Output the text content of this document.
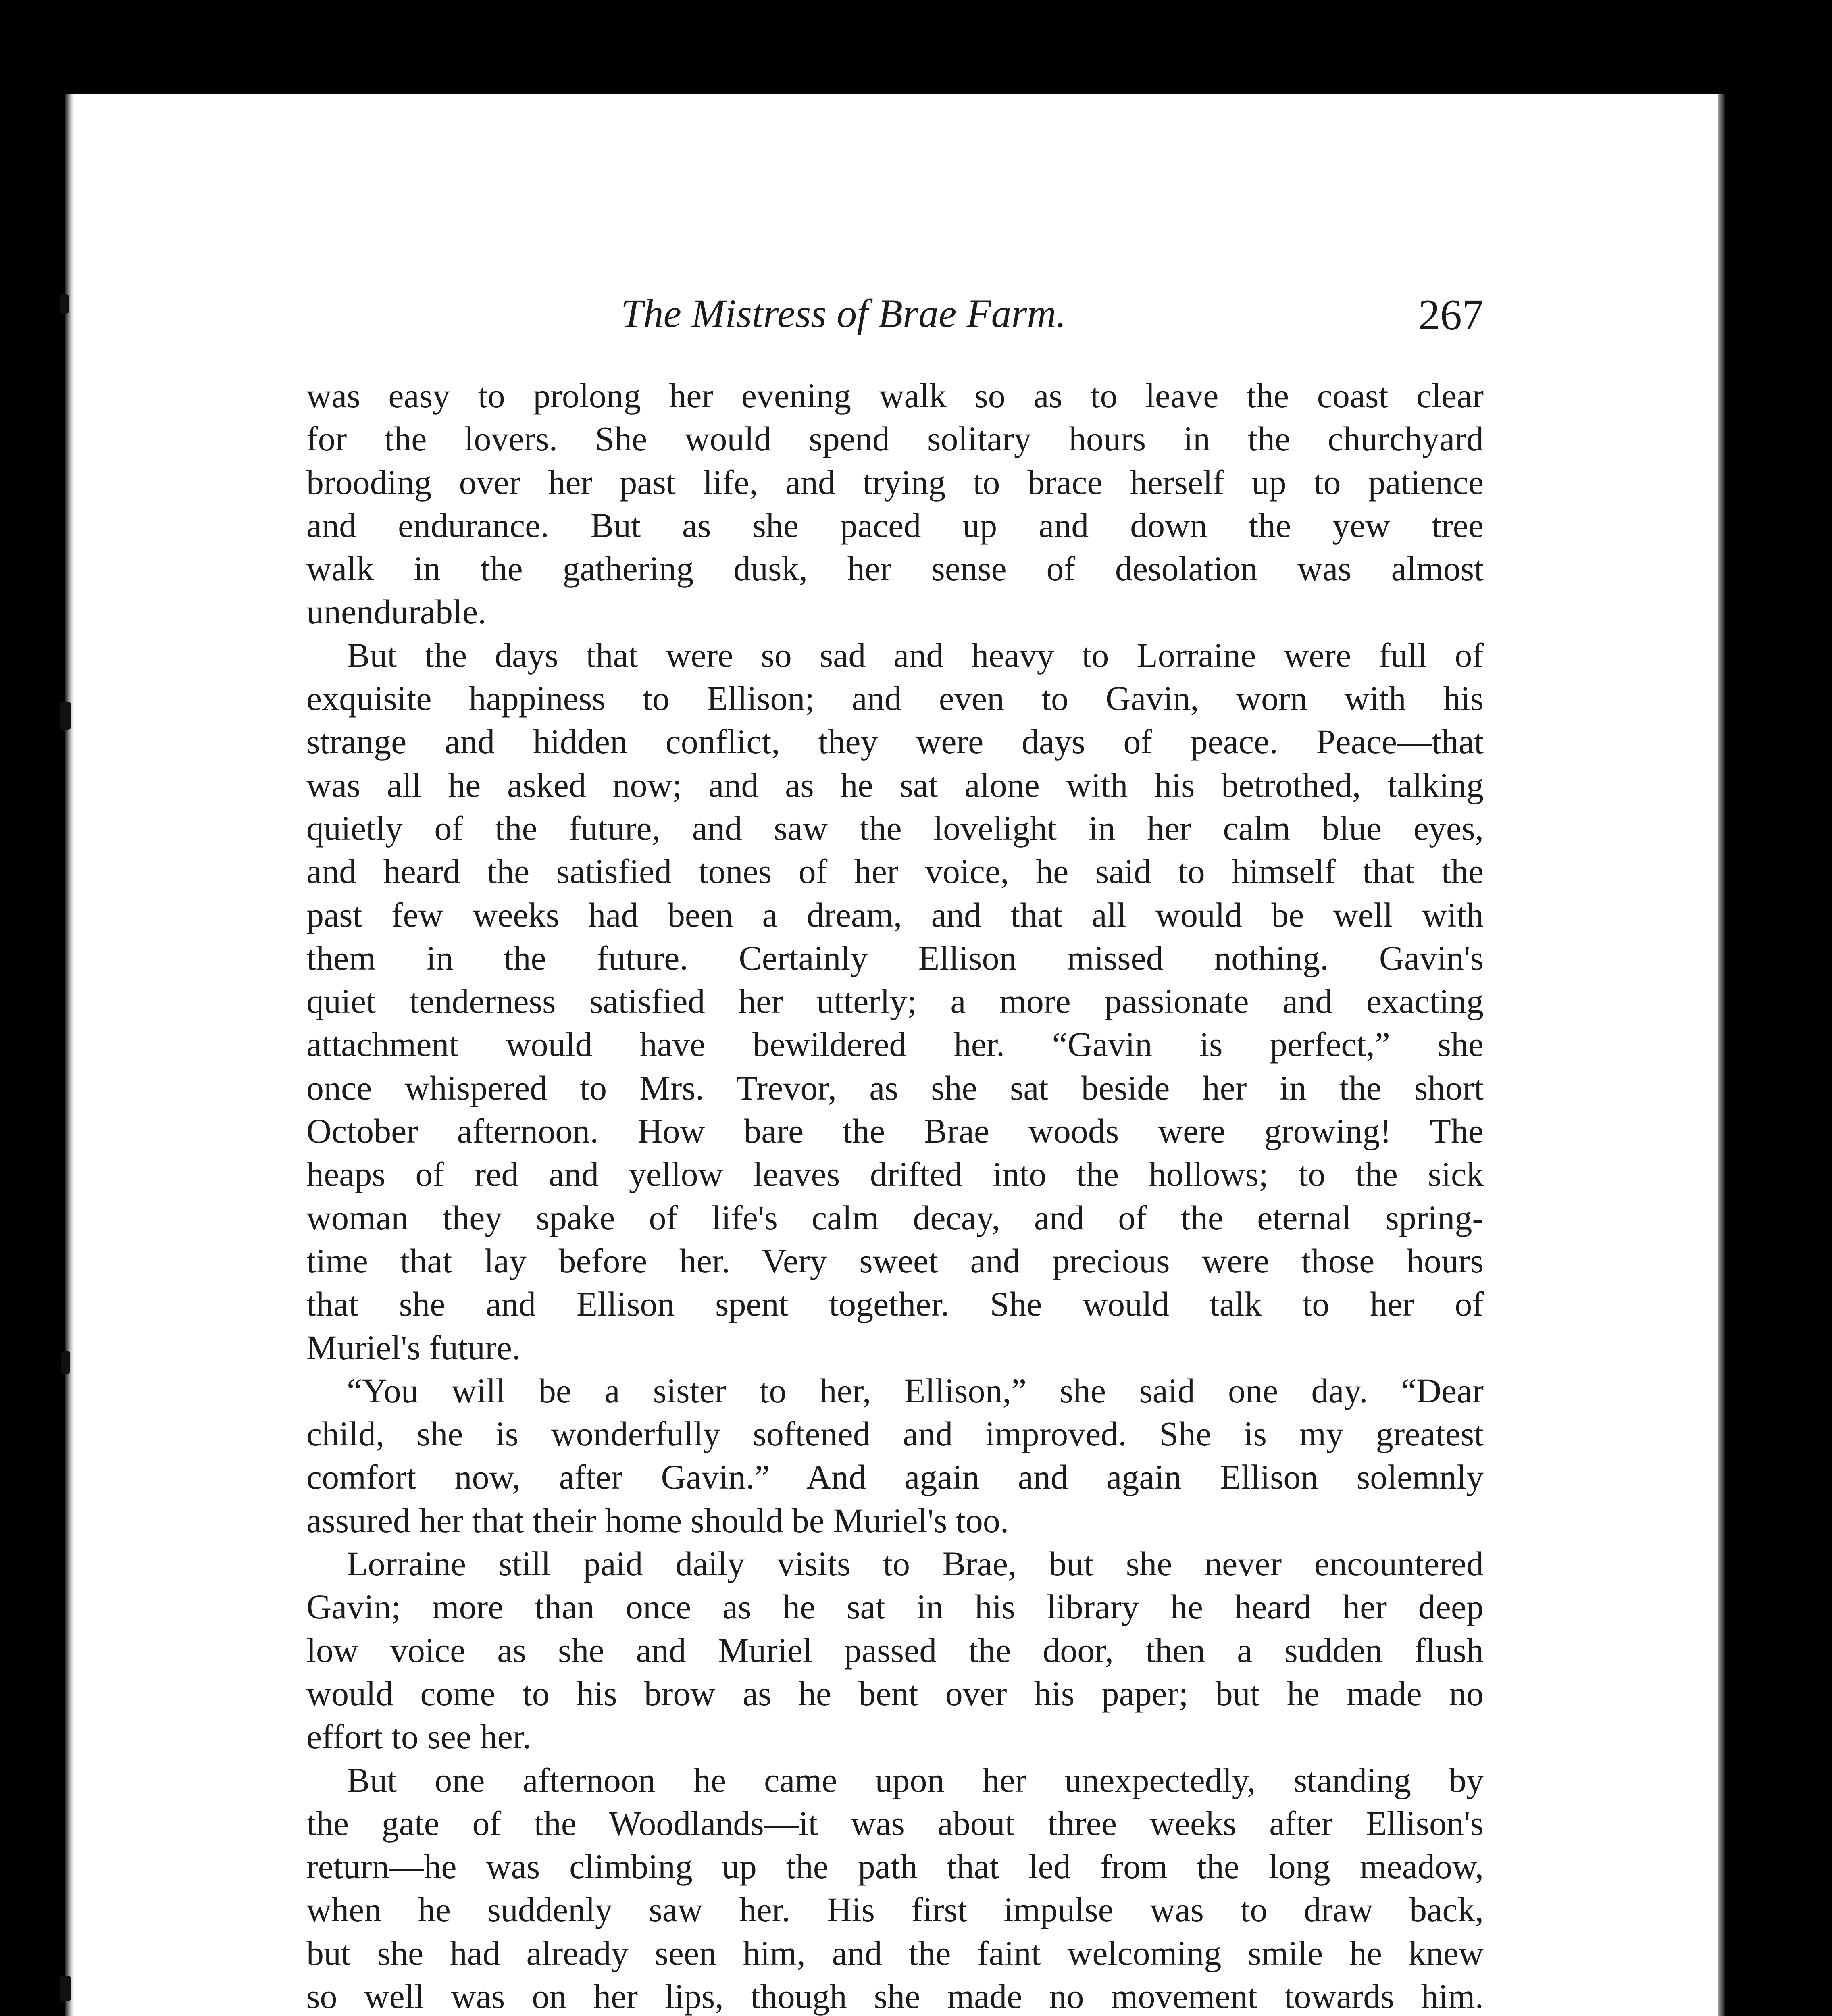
The Mistress of Brae Farm.	267
was easy to prolong her evening walk so as to leave the coast clear
for the lovers. She would spend solitary hours in the churchyard
brooding over her past life, and trying to brace herself up to patience
and endurance. But as she paced up and down the yew tree
walk in the gathering dusk, her sense of desolation was almost
unendurable.
But the days that were so sad and heavy to Lorraine were full of
exquisite happiness to Ellison; and even to Gavin, worn with his
strange and hidden conflict, they were days of peace. Peace—that
was all he asked now; and as he sat alone with his betrothed, talking
quietly of the future, and saw the lovelight in her calm blue eyes,
and heard the satisfied tones of her voice, he said to himself that the
past few weeks had been a dream, and that all would be well with
them in the future. Certainly Ellison missed nothing. Gavin's
quiet tenderness satisfied her utterly; a more passionate and exacting
attachment would have bewildered her. “Gavin is perfect,” she
once whispered to Mrs. Trevor, as she sat beside her in the short
October afternoon. How bare the Brae woods were growing! The
heaps of red and yellow leaves drifted into the hollows; to the sick
woman they spake of life's calm decay, and of the eternal spring-
time that lay before her. Very sweet and precious were those hours
that she and Ellison spent together. She would talk to her of
Muriel's future.
“You will be a sister to her, Ellison,” she said one day. “Dear
child, she is wonderfully softened and improved. She is my greatest
comfort now, after Gavin.” And again and again Ellison solemnly
assured her that their home should be Muriel's too.
Lorraine still paid daily visits to Brae, but she never encountered
Gavin; more than once as he sat in his library he heard her deep
low voice as she and Muriel passed the door, then a sudden flush
would come to his brow as he bent over his paper; but he made no
effort to see her.
But one afternoon he came upon her unexpectedly, standing by
the gate of the Woodlands—it was about three weeks after Ellison's
return—he was climbing up the path that led from the long meadow,
when he suddenly saw her. His first impulse was to draw back,
but she had already seen him, and the faint welcoming smile he knew
so well was on her lips, though she made no movement towards him.
